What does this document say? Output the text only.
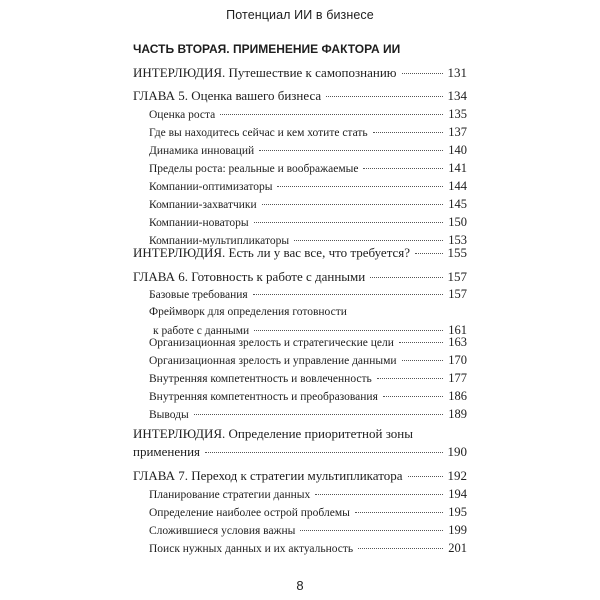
Потенциал ИИ в бизнесе
ЧАСТЬ ВТОРАЯ. ПРИМЕНЕНИЕ ФАКТОРА ИИ
ИНТЕРЛЮДИЯ. Путешествие к самопознанию	131
ГЛАВА 5. Оценка вашего бизнеса	134
Оценка роста	135
Где вы находитесь сейчас и кем хотите стать	137
Динамика инноваций	140
Пределы роста: реальные и воображаемые	141
Компании-оптимизаторы	144
Компании-захватчики	145
Компании-новаторы	150
Компании-мультипликаторы	153
ИНТЕРЛЮДИЯ. Есть ли у вас все, что требуется?	155
ГЛАВА 6. Готовность к работе с данными	157
Базовые требования	157
Фреймворк для определения готовности
к работе с данными	161
Организационная зрелость и стратегические цели	163
Организационная зрелость и управление данными	170
Внутренняя компетентность и вовлеченность	177
Внутренняя компетентность и преобразования	186
Выводы	189
ИНТЕРЛЮДИЯ. Определение приоритетной зоны
применения	190
ГЛАВА 7. Переход к стратегии мультипликатора	192
Планирование стратегии данных	194
Определение наиболее острой проблемы	195
Сложившиеся условия важны	199
Поиск нужных данных и их актуальность	201
8
